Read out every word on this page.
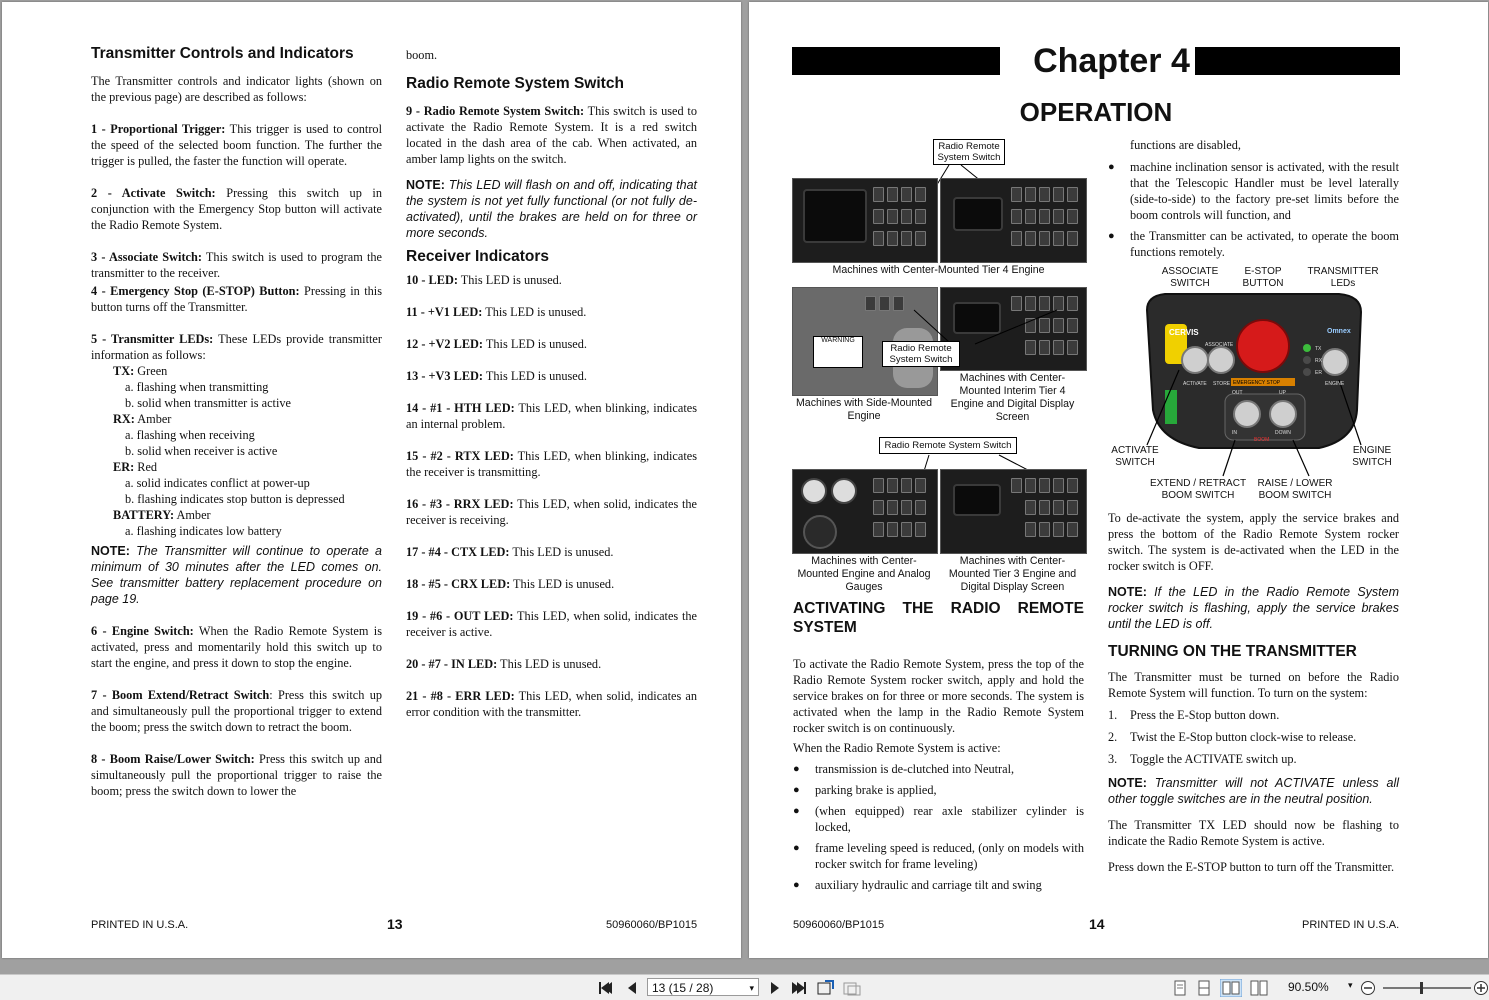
Transmitter Controls and Indicators

The Transmitter controls and indicator lights (shown on the previous page) are described as follows:

1 - Proportional Trigger: This trigger is used to control the speed of the selected boom function. The further the trigger is pulled, the faster the function will operate.

2 - Activate Switch: Pressing this switch up in conjunction with the Emergency Stop button will activate the Radio Remote System.

3 - Associate Switch: This switch is used to program the transmitter to the receiver.

4 - Emergency Stop (E-STOP) Button: Pressing in this button turns off the Transmitter.

5 - Transmitter LEDs: These LEDs provide transmitter information as follows:
TX: Green
a. flashing when transmitting
b. solid when transmitter is active
RX: Amber
a. flashing when receiving
b. solid when receiver is active
ER: Red
a. solid indicates conflict at power-up
b. flashing indicates stop button is depressed
BATTERY: Amber
a. flashing indicates low battery

NOTE: The Transmitter will continue to operate a minimum of 30 minutes after the LED comes on. See transmitter battery replacement procedure on page 19.

6 - Engine Switch: When the Radio Remote System is activated, press and momentarily hold this switch up to start the engine, and press it down to stop the engine.

7 - Boom Extend/Retract Switch: Press this switch up and simultaneously pull the proportional trigger to extend the boom; press the switch down to retract the boom.

8 - Boom Raise/Lower Switch: Press this switch up and simultaneously pull the proportional trigger to raise the boom; press the switch down to lower the

boom.

Radio Remote System Switch

9 - Radio Remote System Switch: This switch is used to activate the Radio Remote System. It is a red switch located in the dash area of the cab. When activated, an amber lamp lights on the switch.

NOTE: This LED will flash on and off, indicating that the system is not yet fully functional (or not fully de-activated), until the brakes are held on for three or more seconds.

Receiver Indicators

10 - LED: This LED is unused.

11 - +V1 LED: This LED is unused.

12 - +V2 LED: This LED is unused.

13 - +V3 LED: This LED is unused.

14 - #1 - HTH LED: This LED, when blinking, indicates an internal problem.

15 - #2 - RTX LED: This LED, when blinking, indicates the receiver is transmitting.

16 - #3 - RRX LED: This LED, when solid, indicates the receiver is receiving.

17 - #4 - CTX LED: This LED is unused.

18 - #5 - CRX LED: This LED is unused.

19 - #6 - OUT LED: This LED, when solid, indicates the receiver is active.

20 - #7 - IN LED: This LED is unused.

21 - #8 - ERR LED: This LED, when solid, indicates an error condition with the transmitter.

PRINTED IN U.S.A.	13	50960060/BP1015
Chapter 4
OPERATION
Radio Remote System Switch
Machines with Center-Mounted Tier 4 Engine
WARNING
Radio Remote System Switch
Machines with Side-Mounted Engine
Machines with Center-Mounted Interim Tier 4 Engine and Digital Display Screen
Radio Remote System Switch
Machines with Center-Mounted Engine and Analog Gauges
Machines with Center-Mounted Tier 3 Engine and Digital Display Screen
ACTIVATING THE RADIO REMOTE SYSTEM

To activate the Radio Remote System, press the top of the Radio Remote System rocker switch, apply and hold the service brakes on for three or more seconds. The system is activated when the lamp in the Radio Remote System rocker switch is on continuously.

When the Radio Remote System is active:

● transmission is de-clutched into Neutral,
● parking brake is applied,
● (when equipped) rear axle stabilizer cylinder is locked,
● frame leveling speed is reduced, (only on models with rocker switch for frame leveling)
● auxiliary hydraulic and carriage tilt and swing

functions are disabled,

● machine inclination sensor is activated, with the result that the Telescopic Handler must be level laterally (side-to-side) to the factory pre-set limits before the boom controls will function, and
● the Transmitter can be activated, to operate the boom functions remotely.
ASSOCIATE SWITCH
E-STOP BUTTON
TRANSMITTER LEDs
CERVIS	Omnex
ASSOCIATE
ACTIVATE STORE EMERGENCY STOP
TX
RX
ER
ENGINE
OUT	UP
IN	DOWN
BOOM
ACTIVATE SWITCH
ENGINE SWITCH
EXTEND / RETRACT BOOM SWITCH
RAISE / LOWER BOOM SWITCH

To de-activate the system, apply the service brakes and press the bottom of the Radio Remote System rocker switch. The system is de-activated when the LED in the rocker switch is OFF.

NOTE: If the LED in the Radio Remote System rocker switch is flashing, apply the service brakes until the LED is off.

TURNING ON THE TRANSMITTER

The Transmitter must be turned on before the Radio Remote System will function. To turn on the system:

1. Press the E-Stop button down.
2. Twist the E-Stop button clock-wise to release.
3. Toggle the ACTIVATE switch up.

NOTE: Transmitter will not ACTIVATE unless all other toggle switches are in the neutral position.

The Transmitter TX LED should now be flashing to indicate the Radio Remote System is active.

Press down the E-STOP button to turn off the Transmitter.

50960060/BP1015	14	PRINTED IN U.S.A.
13 (15 / 28)	▾	90.50% ▾
